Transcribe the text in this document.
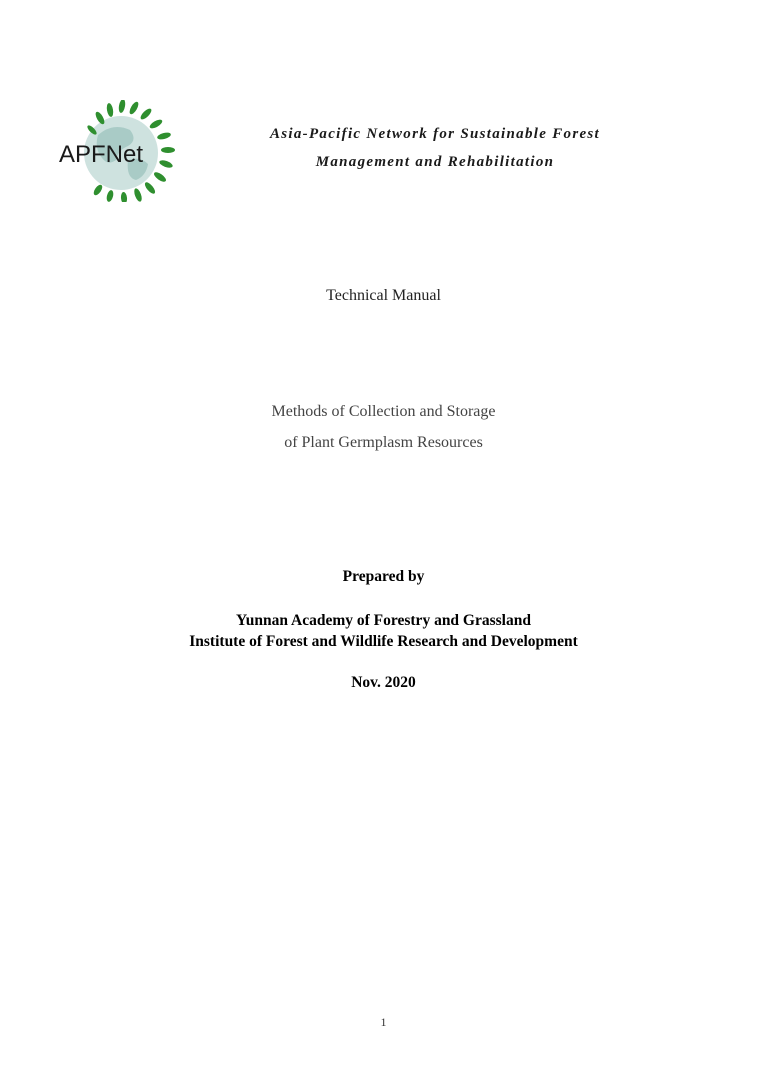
APFNet
Asia-Pacific Network for Sustainable Forest
Management and Rehabilitation
Technical Manual
Methods of Collection and Storage
of Plant Germplasm Resources
Prepared by
Yunnan Academy of Forestry and Grassland
Institute of Forest and Wildlife Research and Development
Nov. 2020
1
